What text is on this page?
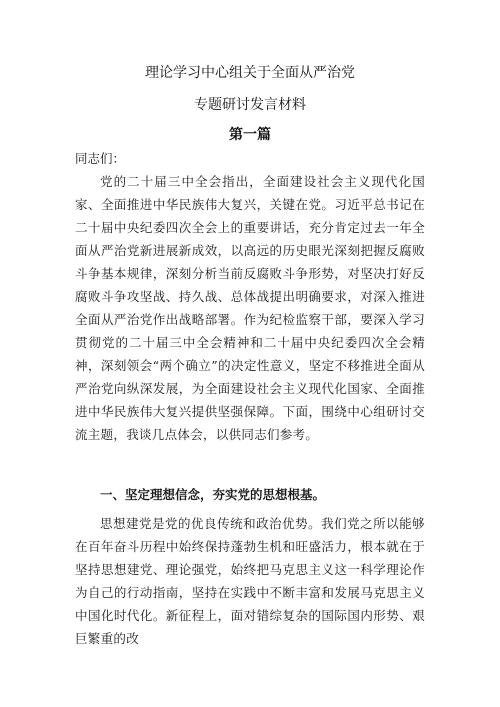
理论学习中心组关于全面从严治党
专题研讨发言材料
第一篇
同志们：
党的二十届三中全会指出，全面建设社会主义现代化国家、全面推进中华民族伟大复兴，关键在党。习近平总书记在二十届中央纪委四次全会上的重要讲话，充分肯定过去一年全面从严治党新进展新成效，以高远的历史眼光深刻把握反腐败斗争基本规律，深刻分析当前反腐败斗争形势，对坚决打好反腐败斗争攻坚战、持久战、总体战提出明确要求，对深入推进全面从严治党作出战略部署。作为纪检监察干部，要深入学习贯彻党的二十届三中全会精神和二十届中央纪委四次全会精神，深刻领会“两个确立”的决定性意义，坚定不移推进全面从严治党向纵深发展，为全面建设社会主义现代化国家、全面推进中华民族伟大复兴提供坚强保障。下面，围绕中心组研讨交流主题，我谈几点体会，以供同志们参考。
一、坚定理想信念，夯实党的思想根基。
思想建党是党的优良传统和政治优势。我们党之所以能够在百年奋斗历程中始终保持蓬勃生机和旺盛活力，根本就在于坚持思想建党、理论强党，始终把马克思主义这一科学理论作为自己的行动指南，坚持在实践中不断丰富和发展马克思主义中国化时代化。新征程上，面对错综复杂的国际国内形势、艰巨繁重的改
